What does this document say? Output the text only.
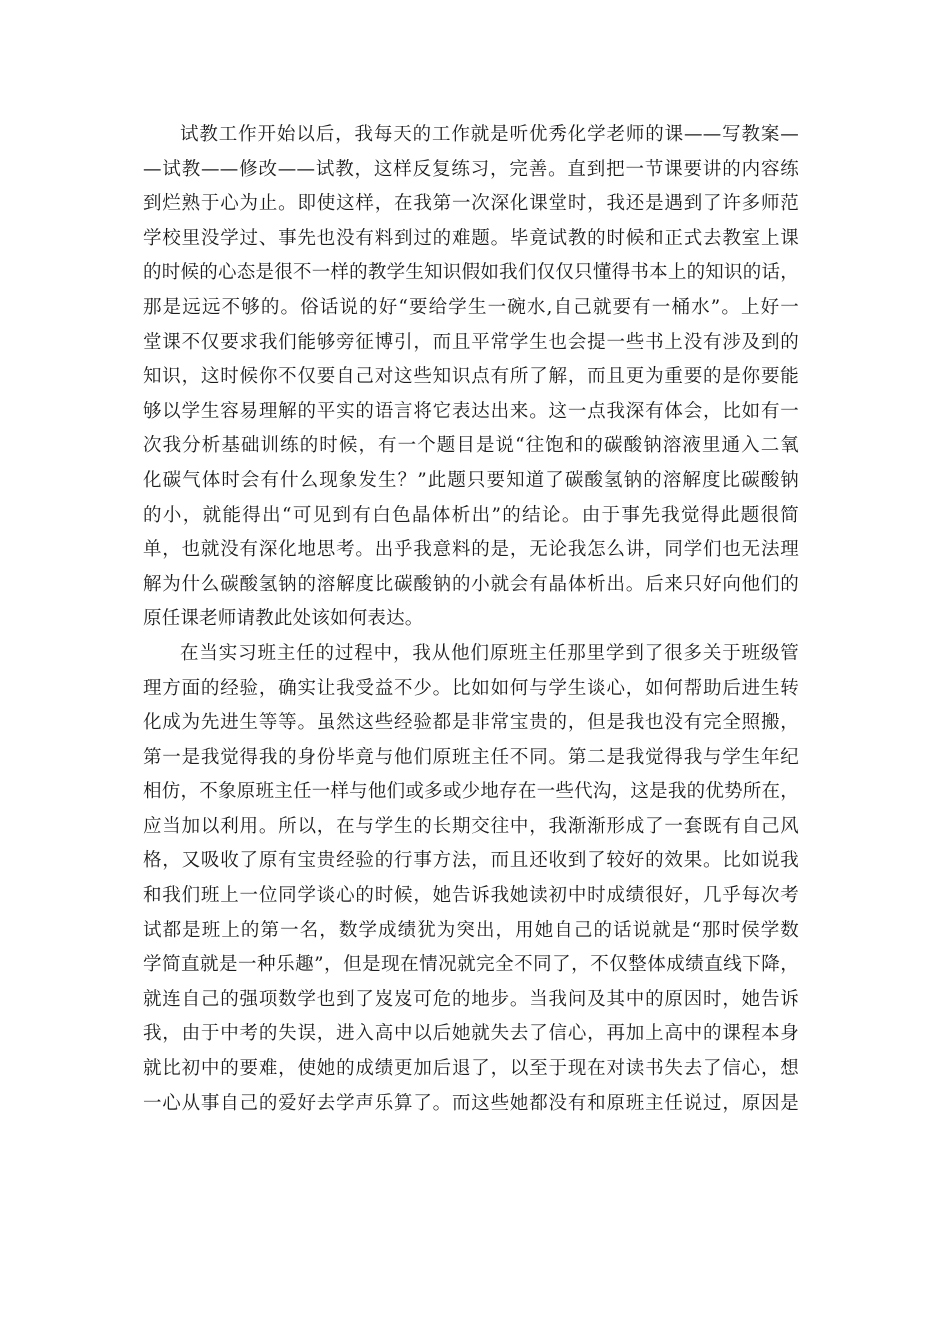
试教工作开始以后，我每天的工作就是听优秀化学老师的课——写教案—
—试教——修改——试教，这样反复练习，完善。直到把一节课要讲的内容练
到烂熟于心为止。即使这样，在我第一次深化课堂时，我还是遇到了许多师范
学校里没学过、事先也没有料到过的难题。毕竟试教的时候和正式去教室上课
的时候的心态是很不一样的教学生知识假如我们仅仅只懂得书本上的知识的话，
那是远远不够的。俗话说的好“要给学生一碗水,自己就要有一桶水”。上好一
堂课不仅要求我们能够旁征博引，而且平常学生也会提一些书上没有涉及到的
知识，这时候你不仅要自己对这些知识点有所了解，而且更为重要的是你要能
够以学生容易理解的平实的语言将它表达出来。这一点我深有体会，比如有一
次我分析基础训练的时候，有一个题目是说“往饱和的碳酸钠溶液里通入二氧
化碳气体时会有什么现象发生？”此题只要知道了碳酸氢钠的溶解度比碳酸钠
的小，就能得出“可见到有白色晶体析出”的结论。由于事先我觉得此题很简
单，也就没有深化地思考。出乎我意料的是，无论我怎么讲，同学们也无法理
解为什么碳酸氢钠的溶解度比碳酸钠的小就会有晶体析出。后来只好向他们的
原任课老师请教此处该如何表达。
在当实习班主任的过程中，我从他们原班主任那里学到了很多关于班级管
理方面的经验，确实让我受益不少。比如如何与学生谈心，如何帮助后进生转
化成为先进生等等。虽然这些经验都是非常宝贵的，但是我也没有完全照搬，
第一是我觉得我的身份毕竟与他们原班主任不同。第二是我觉得我与学生年纪
相仿，不象原班主任一样与他们或多或少地存在一些代沟，这是我的优势所在，
应当加以利用。所以，在与学生的长期交往中，我渐渐形成了一套既有自己风
格，又吸收了原有宝贵经验的行事方法，而且还收到了较好的效果。比如说我
和我们班上一位同学谈心的时候，她告诉我她读初中时成绩很好，几乎每次考
试都是班上的第一名，数学成绩犹为突出，用她自己的话说就是“那时侯学数
学简直就是一种乐趣”，但是现在情况就完全不同了，不仅整体成绩直线下降，
就连自己的强项数学也到了岌岌可危的地步。当我问及其中的原因时，她告诉
我，由于中考的失误，进入高中以后她就失去了信心，再加上高中的课程本身
就比初中的要难，使她的成绩更加后退了，以至于现在对读书失去了信心，想
一心从事自己的爱好去学声乐算了。而这些她都没有和原班主任说过，原因是
